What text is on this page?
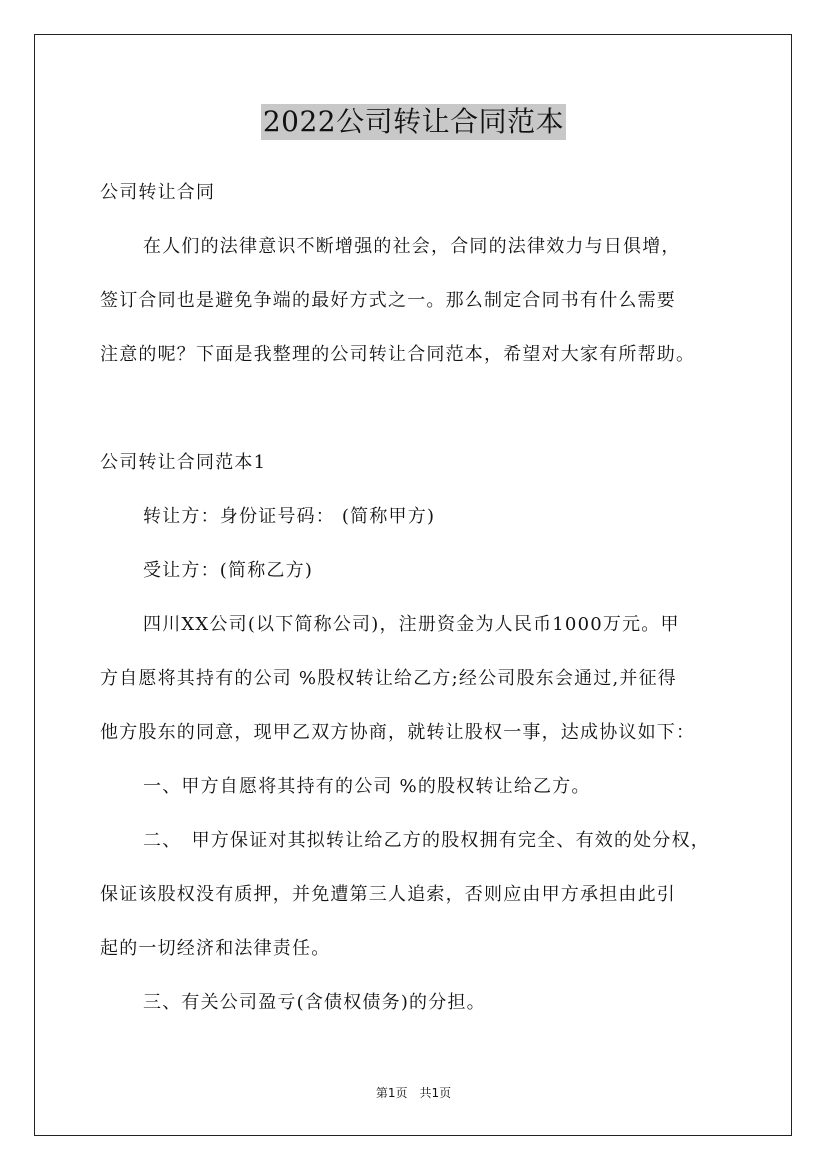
2022公司转让合同范本
公司转让合同
在人们的法律意识不断增强的社会，合同的法律效力与日俱增，
签订合同也是避免争端的最好方式之一。那么制定合同书有什么需要
注意的呢？下面是我整理的公司转让合同范本，希望对大家有所帮助。
公司转让合同范本1
转让方：身份证号码： (简称甲方)
受让方：(简称乙方)
四川XX公司(以下简称公司)，注册资金为人民币1000万元。甲
方自愿将其持有的公司 %股权转让给乙方;经公司股东会通过,并征得
他方股东的同意，现甲乙双方协商，就转让股权一事，达成协议如下：
一、甲方自愿将其持有的公司 %的股权转让给乙方。
二、　甲方保证对其拟转让给乙方的股权拥有完全、有效的处分权，
保证该股权没有质押，并免遭第三人追索，否则应由甲方承担由此引
起的一切经济和法律责任。
三、有关公司盈亏(含债权债务)的分担。
第1页　共1页
